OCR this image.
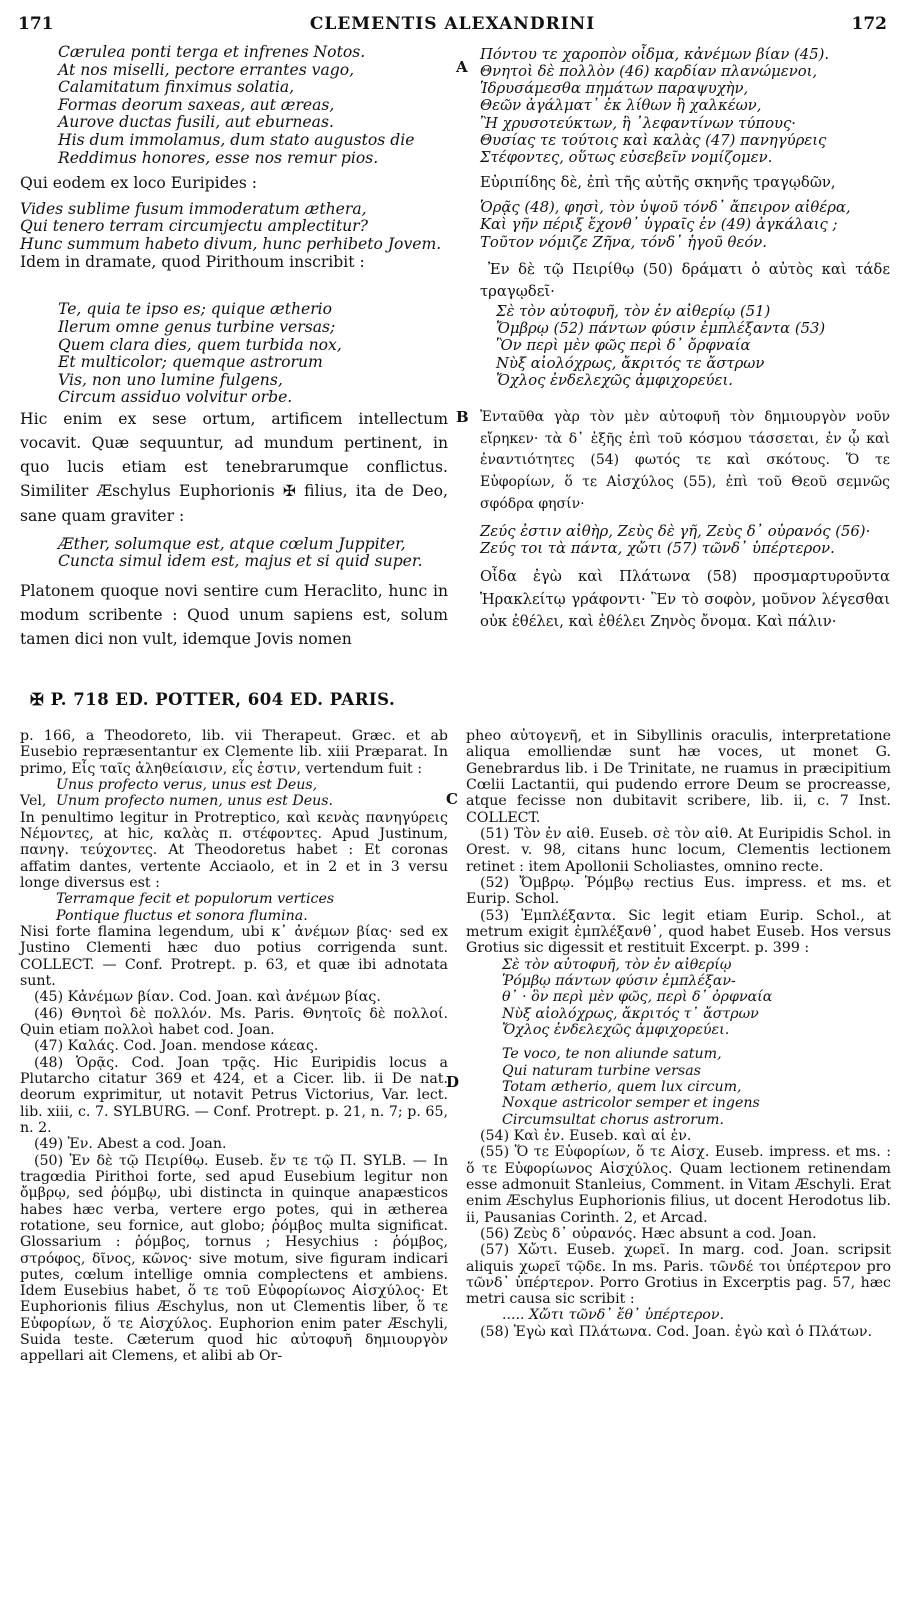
171	CLEMENTIS ALEXANDRINI	172
A
B
C
D

Cærulea ponti terga et infrenes Notos.

At nos miselli, pectore errantes vago,

Calamitatum finximus solatia,

Formas deorum saxeas, aut æreas,

Aurove ductas fusili, aut eburneas.

His dum immolamus, dum stato augustos die

Reddimus honores, esse nos remur pios.

Qui eodem ex loco Euripides :

Vides sublime fusum immoderatum æthera,

Qui tenero terram circumjectu amplectitur?

Hunc summum habeto divum, hunc perhibeto Jovem.

Idem in dramate, quod Pirithoum inscribit :

Te, quia te ipso es; quique ætherio

Ilerum omne genus turbine versas;

Quem clara dies, quem turbida nox,

Et multicolor; quemque astrorum

Vis, non uno lumine fulgens,

Circum assiduo volvitur orbe.

Hic enim ex sese ortum, artificem intellectum vocavit. Quæ sequuntur, ad mundum pertinent, in quo lucis etiam est tenebrarumque conflictus. Similiter Æschylus Euphorionis ✠ filius, ita de Deo, sane quam graviter :

Æther, solumque est, atque cœlum Juppiter,

Cuncta simul idem est, majus et si quid super.

Platonem quoque novi sentire cum Heraclito, hunc in modum scribente : Quod unum sapiens est, solum tamen dici non vult, idemque Jovis nomen

✠ P. 718 ED. POTTER, 604 ED. PARIS.

Πόντου τε χαροπὸν οἶδμα, κἀνέμων βίαν (45).

Θνητοὶ δὲ πολλὸν (46) καρδίαν πλανώμενοι,

Ἱδρυσάμεσθα πημάτων παραψυχὴν,

Θεῶν ἀγάλματ᾽ ἐκ λίθων ἢ χαλκέων,

Ἢ χρυσοτεύκτων, ἢ ᾽λεφαντίνων τύπους·

Θυσίας τε τούτοις καὶ καλὰς (47) πανηγύρεις

Στέφοντες, οὕτως εὐσεβεῖν νομίζομεν.

Εὐριπίδης δὲ, ἐπὶ τῆς αὐτῆς σκηνῆς τραγῳδῶν,

Ὁρᾷς (48), φησὶ, τὸν ὑψοῦ τόνδ᾽ ἄπειρον αἰθέρα,

Καὶ γῆν πέριξ ἔχονθ᾽ ὑγραῖς ἐν (49) ἀγκάλαις ;

Τοῦτον νόμιζε Ζῆνα, τόνδ᾽ ἡγοῦ θεόν.

Ἐν δὲ τῷ Πειρίθῳ (50) δράματι ὁ αὐτὸς καὶ τάδε τραγῳδεῖ·

Σὲ τὸν αὐτοφυῆ, τὸν ἐν αἰθερίῳ (51)

Ὄμβρῳ (52) πάντων φύσιν ἐμπλέξαντα (53)

Ὃν περὶ μὲν φῶς περὶ δ᾽ ὄρφναία

Νὺξ αἰολόχρως, ἄκριτός τε ἄστρων

Ὄχλος ἐνδελεχῶς ἀμφιχορεύει.

Ἐνταῦθα γὰρ τὸν μὲν αὐτοφυῆ τὸν δημιουργὸν νοῦν εἴρηκεν· τὰ δ᾽ ἑξῆς ἐπὶ τοῦ κόσμου τάσσεται, ἐν ᾧ καὶ ἐναντιότητες (54) φωτός τε καὶ σκότους. Ὅ τε Εὐφορίων, ὅ τε Αἰσχύλος (55), ἐπὶ τοῦ Θεοῦ σεμνῶς σφόδρα φησίν·

Ζεύς ἐστιν αἰθὴρ, Ζεὺς δὲ γῆ, Ζεὺς δ᾽ οὐρανός (56)·

Ζεύς τοι τὰ πάντα, χὤτι (57) τῶνδ᾽ ὑπέρτερον.

Οἶδα ἐγὼ καὶ Πλάτωνα (58) προσμαρτυροῦντα Ἡρακλείτῳ γράφοντι· Ἓν τὸ σοφὸν, μοῦνον λέγεσθαι οὐκ ἐθέλει, καὶ ἐθέλει Ζηνὸς ὄνομα. Καὶ πάλιν·

p. 166, a Theodoreto, lib. vii Therapeut. Græc. et ab Eusebio repræsentantur ex Clemente lib. xiii Præparat. In primo, Εἷς ταῖς ἀληθείαισιν, εἷς ἐστιν, vertendum fuit :

Unus profecto verus, unus est Deus,

Vel, Unum profecto numen, unus est Deus.

In penultimo legitur in Protreptico, καὶ κενὰς πανηγύρεις Νέμοντες, at hic, καλὰς π. στέφοντες. Apud Justinum, πανηγ. τεύχοντες. At Theodoretus habet : Et coronas affatim dantes, vertente Acciaolo, et in 2 et in 3 versu longe diversus est :

Terramque fecit et populorum vertices

Pontique fluctus et sonora flumina.

Nisi forte flamina legendum, ubi κ᾽ ἀνέμων βίας· sed ex Justino Clementi hæc duo potius corrigenda sunt. COLLECT. — Conf. Protrept. p. 63, et quæ ibi adnotata sunt.

(45) Κἀνέμων βίαν. Cod. Joan. καὶ ἀνέμων βίας.

(46) Θνητοὶ δὲ πολλόν. Ms. Paris. Θνητοῖς δὲ πολλοί. Quin etiam πολλοὶ habet cod. Joan.

(47) Καλάς. Cod. Joan. mendose κάεας.

(48) Ὁρᾷς. Cod. Joan τρᾷς. Hic Euripidis locus a Plutarcho citatur 369 et 424, et a Cicer. lib. ii De nat. deorum exprimitur, ut notavit Petrus Victorius, Var. lect. lib. xiii, c. 7. SYLBURG. — Conf. Protrept. p. 21, n. 7; p. 65, n. 2.

(49) Ἐν. Abest a cod. Joan.

(50) Ἐν δὲ τῷ Πειρίθῳ. Euseb. ἔν τε τῷ Π. SYLB. — In tragœdia Pirithoi forte, sed apud Eusebium legitur non ὄμβρῳ, sed ῥόμβῳ, ubi distincta in quinque anapæsticos habes hæc verba, vertere ergo potes, qui in ætherea rotatione, seu fornice, aut globo; ῥόμβος multa significat. Glossarium : ῥόμβος, tornus ; Hesychius : ῥόμβος, στρόφος, δῖνος, κῶνος· sive motum, sive figuram indicari putes, cœlum intellige omnia complectens et ambiens. Idem Eusebius habet, ὅ τε τοῦ Εὐφορίωνος Αἰσχύλος· Et Euphorionis filius Æschylus, non ut Clementis liber, ὅ τε Εὐφορίων, ὅ τε Αἰσχύλος. Euphorion enim pater Æschyli, Suida teste. Cæterum quod hic αὐτοφυῆ δημιουργὸν appellari ait Clemens, et alibi ab Or-

pheo αὐτογενῆ, et in Sibyllinis oraculis, interpretatione aliqua emolliendæ sunt hæ voces, ut monet G. Genebrardus lib. i De Trinitate, ne ruamus in præcipitium Cœlii Lactantii, qui pudendo errore Deum se procreasse, atque fecisse non dubitavit scribere, lib. ii, c. 7 Inst. COLLECT.

(51) Τὸν ἐν αἰθ. Euseb. σὲ τὸν αἰθ. At Euripidis Schol. in Orest. v. 98, citans hunc locum, Clementis lectionem retinet : item Apollonii Scholiastes, omnino recte.

(52) Ὄμβρῳ. Ῥόμβῳ rectius Eus. impress. et ms. et Eurip. Schol.

(53) Ἐμπλέξαντα. Sic legit etiam Eurip. Schol., at metrum exigit ἐμπλέξανθ᾽, quod habet Euseb. Hos versus Grotius sic digessit et restituit Excerpt. p. 399 :

Σὲ τὸν αὐτοφυῆ, τὸν ἐν αἰθερίῳ

Ῥόμβῳ πάντων φύσιν ἐμπλέξαν-

θ᾽ · ὃν περὶ μὲν φῶς, περὶ δ᾽ ὀρφναία

Νὺξ αἰολόχρως, ἄκριτός τ᾽ ἄστρων

Ὄχλος ἐνδελεχῶς ἀμφιχορεύει.

Te voco, te non aliunde satum,

Qui naturam turbine versas

Totam ætherio, quem lux circum,

Noxque astricolor semper et ingens

Circumsultat chorus astrorum.

(54) Καὶ ἐν. Euseb. καὶ αἱ ἐν.

(55) Ὅ τε Εὐφορίων, ὅ τε Αἰσχ. Euseb. impress. et ms. : ὅ τε Εὐφορίωνος Αἰσχύλος. Quam lectionem retinendam esse admonuit Stanleius, Comment. in Vitam Æschyli. Erat enim Æschylus Euphorionis filius, ut docent Herodotus lib. ii, Pausanias Corinth. 2, et Arcad.

(56) Ζεὺς δ᾽ οὐρανός. Hæc absunt a cod. Joan.

(57) Χὤτι. Euseb. χωρεῖ. In marg. cod. Joan. scripsit aliquis χωρεῖ τῷδε. In ms. Paris. τῶνδέ τοι ὑπέρτερον pro τῶνδ᾽ ὑπέρτερον. Porro Grotius in Excerptis pag. 57, hæc metri causa sic scribit :

..... Χὤτι τῶνδ᾽ ἔθ᾽ ὑπέρτερον.

(58) Ἐγὼ καὶ Πλάτωνα. Cod. Joan. ἐγὼ καὶ ὁ Πλάτων.
